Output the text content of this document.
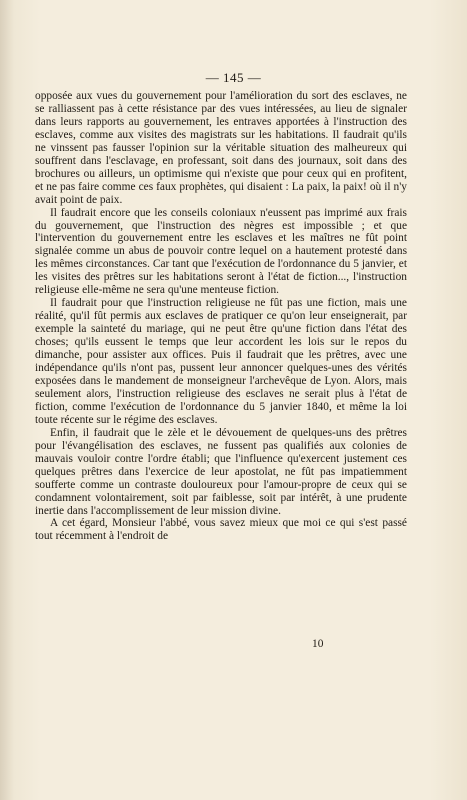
— 145 —

opposée aux vues du gouvernement pour l'amélioration du sort des esclaves, ne se ralliassent pas à cette résistance par des vues intéressées, au lieu de signaler dans leurs rapports au gouvernement, les entraves apportées à l'instruction des esclaves, comme aux visites des magistrats sur les habitations. Il faudrait qu'ils ne vinssent pas fausser l'opinion sur la véritable situation des malheureux qui souffrent dans l'esclavage, en professant, soit dans des journaux, soit dans des brochures ou ailleurs, un optimisme qui n'existe que pour ceux qui en profitent, et ne pas faire comme ces faux prophètes, qui disaient : La paix, la paix! où il n'y avait point de paix.

Il faudrait encore que les conseils coloniaux n'eussent pas imprimé aux frais du gouvernement, que l'instruction des nègres est impossible ; et que l'intervention du gouvernement entre les esclaves et les maîtres ne fût point signalée comme un abus de pouvoir contre lequel on a hautement protesté dans les mêmes circonstances. Car tant que l'exécution de l'ordonnance du 5 janvier, et les visites des prêtres sur les habitations seront à l'état de fiction..., l'instruction religieuse elle-même ne sera qu'une menteuse fiction.

Il faudrait pour que l'instruction religieuse ne fût pas une fiction, mais une réalité, qu'il fût permis aux esclaves de pratiquer ce qu'on leur enseignerait, par exemple la sainteté du mariage, qui ne peut être qu'une fiction dans l'état des choses; qu'ils eussent le temps que leur accordent les lois sur le repos du dimanche, pour assister aux offices. Puis il faudrait que les prêtres, avec une indépendance qu'ils n'ont pas, pussent leur annoncer quelques-unes des vérités exposées dans le mandement de monseigneur l'archevêque de Lyon. Alors, mais seulement alors, l'instruction religieuse des esclaves ne serait plus à l'état de fiction, comme l'exécution de l'ordonnance du 5 janvier 1840, et même la loi toute récente sur le régime des esclaves.

Enfin, il faudrait que le zèle et le dévouement de quelques-uns des prêtres pour l'évangélisation des esclaves, ne fussent pas qualifiés aux colonies de mauvais vouloir contre l'ordre établi; que l'influence qu'exercent justement ces quelques prêtres dans l'exercice de leur apostolat, ne fût pas impatiemment soufferte comme un contraste douloureux pour l'amour-propre de ceux qui se condamnent volontairement, soit par faiblesse, soit par intérêt, à une prudente inertie dans l'accomplissement de leur mission divine.

A cet égard, Monsieur l'abbé, vous savez mieux que moi ce qui s'est passé tout récemment à l'endroit de

10
